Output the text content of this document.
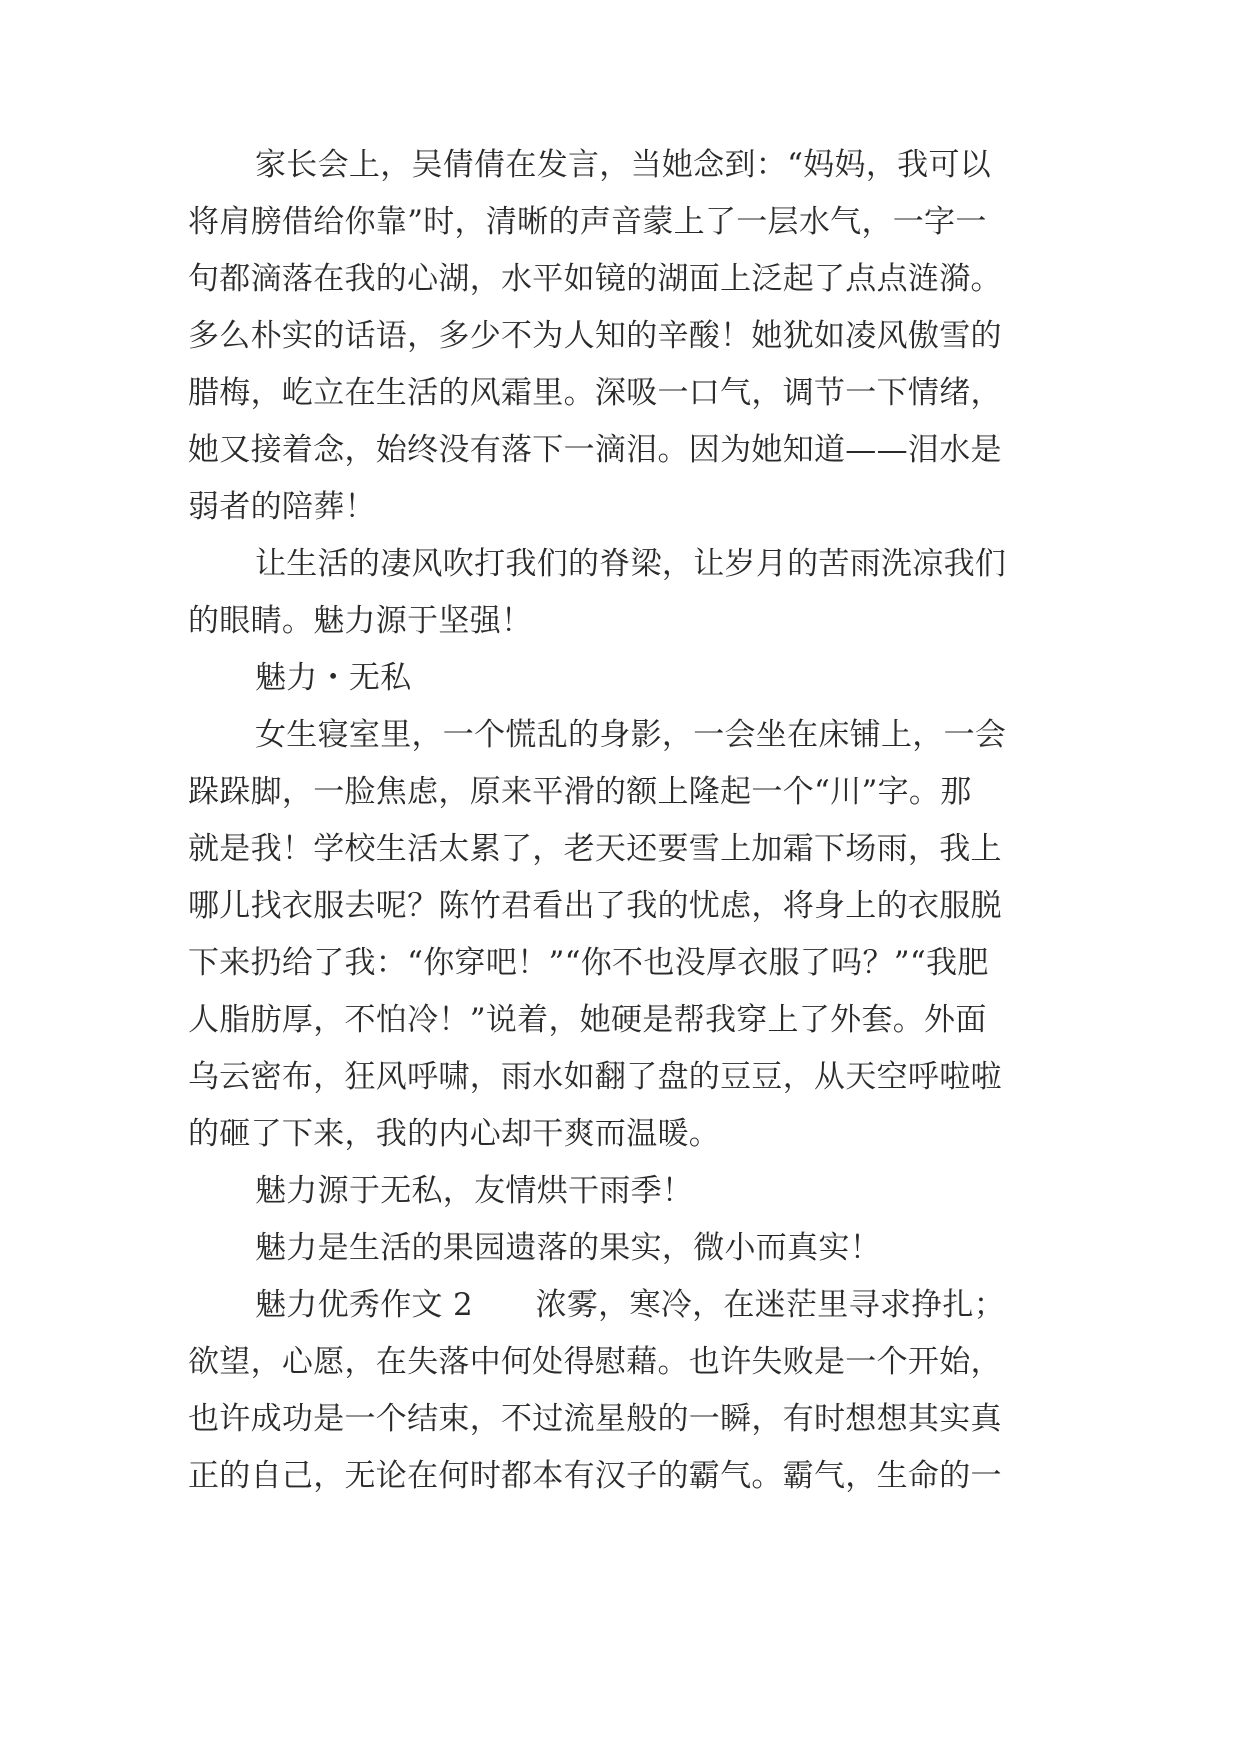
家长会上，吴倩倩在发言，当她念到：“妈妈，我可以

将肩膀借给你靠”时，清晰的声音蒙上了一层水气，一字一

句都滴落在我的心湖，水平如镜的湖面上泛起了点点涟漪。

多么朴实的话语，多少不为人知的辛酸！她犹如凌风傲雪的

腊梅，屹立在生活的风霜里。深吸一口气，调节一下情绪，

她又接着念，始终没有落下一滴泪。因为她知道——泪水是

弱者的陪葬！

让生活的凄风吹打我们的脊梁，让岁月的苦雨洗凉我们

的眼睛。魅力源于坚强！

魅力・无私

女生寝室里，一个慌乱的身影，一会坐在床铺上，一会

跺跺脚，一脸焦虑，原来平滑的额上隆起一个“川”字。那

就是我！学校生活太累了，老天还要雪上加霜下场雨，我上

哪儿找衣服去呢？陈竹君看出了我的忧虑，将身上的衣服脱

下来扔给了我：“你穿吧！”“你不也没厚衣服了吗？”“我肥

人脂肪厚，不怕冷！”说着，她硬是帮我穿上了外套。外面

乌云密布，狂风呼啸，雨水如翻了盘的豆豆，从天空呼啦啦

的砸了下来，我的内心却干爽而温暖。

魅力源于无私，友情烘干雨季！

魅力是生活的果园遗落的果实，微小而真实！

魅力优秀作文 2　　浓雾，寒冷，在迷茫里寻求挣扎；

欲望，心愿，在失落中何处得慰藉。也许失败是一个开始，

也许成功是一个结束，不过流星般的一瞬，有时想想其实真

正的自己，无论在何时都本有汉子的霸气。霸气，生命的一
